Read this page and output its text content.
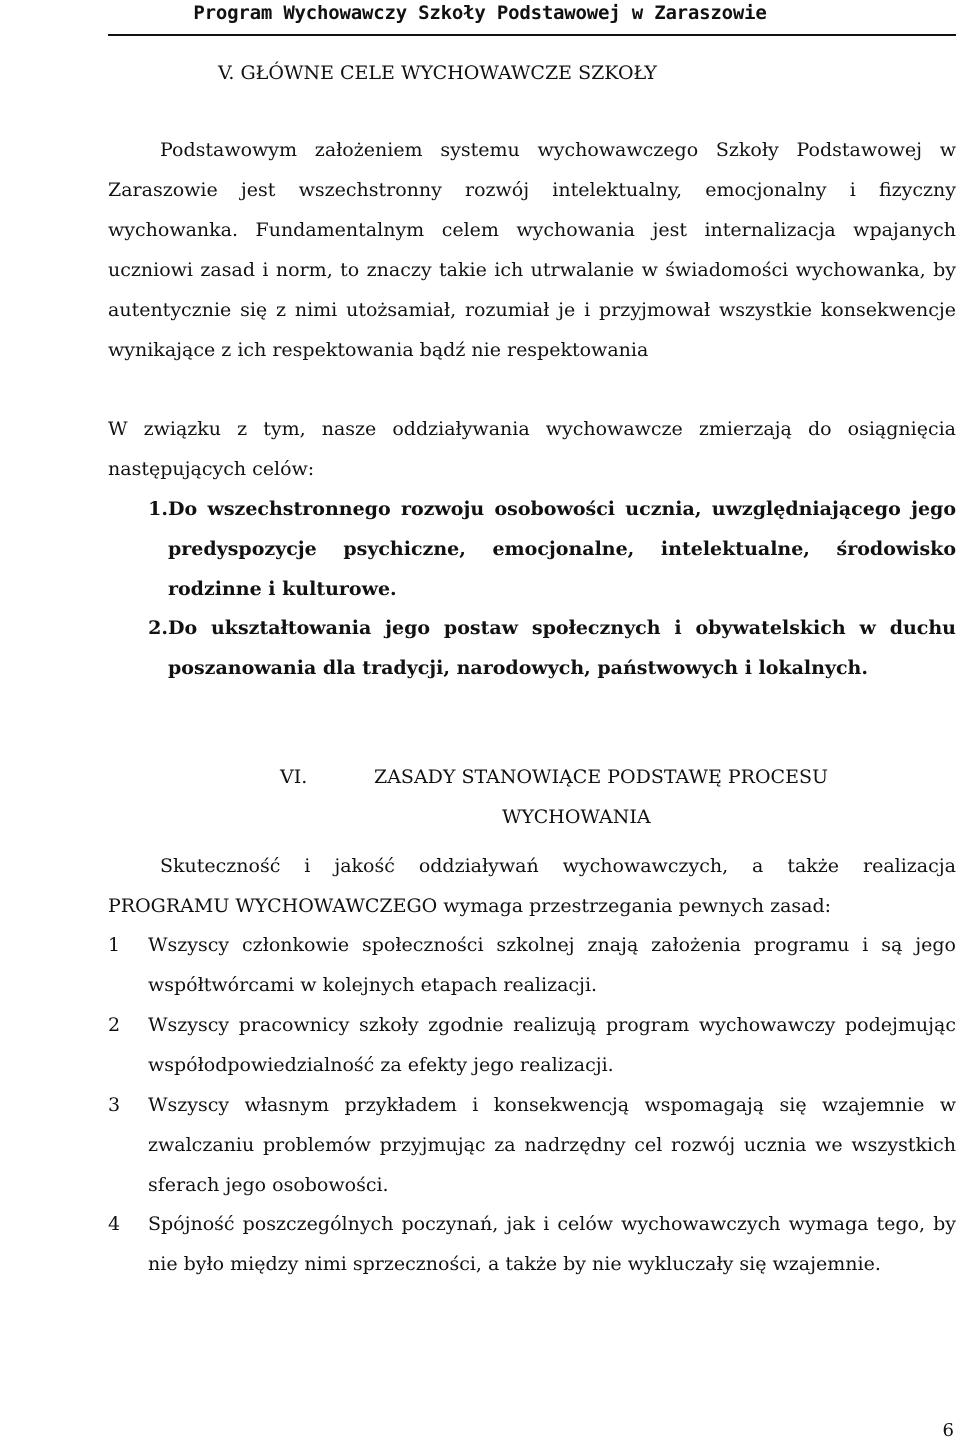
Program Wychowawczy Szkoły Podstawowej w Zaraszowie
V. GŁÓWNE CELE WYCHOWAWCZE SZKOŁY
Podstawowym założeniem systemu wychowawczego Szkoły Podstawowej w Zaraszowie jest wszechstronny rozwój intelektualny, emocjonalny i fizyczny wychowanka. Fundamentalnym celem wychowania jest internalizacja wpajanych uczniowi zasad i norm, to znaczy takie ich utrwalanie w świadomości wychowanka, by autentycznie się z nimi utożsamiał, rozumiał je i przyjmował wszystkie konsekwencje wynikające z ich respektowania bądź nie respektowania
W związku z tym, nasze oddziaływania wychowawcze zmierzają do osiągnięcia następujących celów:
1. Do wszechstronnego rozwoju osobowości ucznia, uwzględniającego jego predyspozycje psychiczne, emocjonalne, intelektualne, środowisko rodzinne i kulturowe.
2. Do ukształtowania jego postaw społecznych i obywatelskich w duchu poszanowania dla tradycji, narodowych, państwowych i lokalnych.
VI.	ZASADY STANOWIĄCE PODSTAWĘ PROCESU
WYCHOWANIA
Skuteczność i jakość oddziaływań wychowawczych, a także realizacja PROGRAMU WYCHOWAWCZEGO wymaga przestrzegania pewnych zasad:
1	Wszyscy członkowie społeczności szkolnej znają założenia programu i są jego współtwórcami w kolejnych etapach realizacji.
2	Wszyscy pracownicy szkoły zgodnie realizują program wychowawczy podejmując współodpowiedzialność za efekty jego realizacji.
3	Wszyscy własnym przykładem i konsekwencją wspomagają się wzajemnie w zwalczaniu problemów przyjmując za nadrzędny cel rozwój ucznia we wszystkich sferach jego osobowości.
4	Spójność poszczególnych poczynań, jak i celów wychowawczych wymaga tego, by nie było między nimi sprzeczności, a także by nie wykluczały się wzajemnie.
6
